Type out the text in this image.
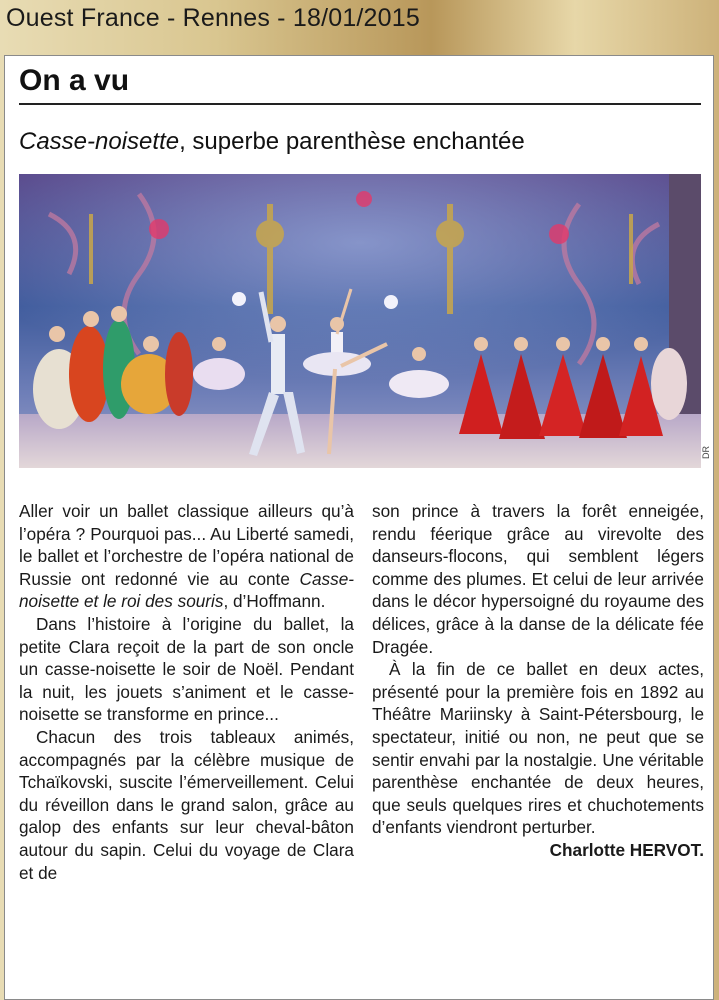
Ouest France - Rennes - 18/01/2015
On a vu
Casse-noisette, superbe parenthèse enchantée
DR

Aller voir un ballet classique ailleurs qu’à l’opéra ? Pourquoi pas... Au Liberté samedi, le ballet et l’orchestre de l’opéra national de Russie ont redonné vie au conte Casse-noisette et le roi des souris, d’Hoffmann.

Dans l’histoire à l’origine du ballet, la petite Clara reçoit de la part de son oncle un casse-noisette le soir de Noël. Pendant la nuit, les jouets s’animent et le casse-noisette se transforme en prince...

Chacun des trois tableaux animés, accompagnés par la célèbre musique de Tchaïkovski, suscite l’émerveillement. Celui du réveillon dans le grand salon, grâce au galop des enfants sur leur cheval-bâton autour du sapin. Celui du voyage de Clara et de

son prince à travers la forêt enneigée, rendu féerique grâce au virevolte des danseurs-flocons, qui semblent légers comme des plumes. Et celui de leur arrivée dans le décor hypersoigné du royaume des délices, grâce à la danse de la délicate fée Dragée.

À la fin de ce ballet en deux actes, présenté pour la première fois en 1892 au Théâtre Mariinsky à Saint-Pétersbourg, le spectateur, initié ou non, ne peut que se sentir envahi par la nostalgie. Une véritable parenthèse enchantée de deux heures, que seuls quelques rires et chuchotements d’enfants viendront perturber.

Charlotte HERVOT.
